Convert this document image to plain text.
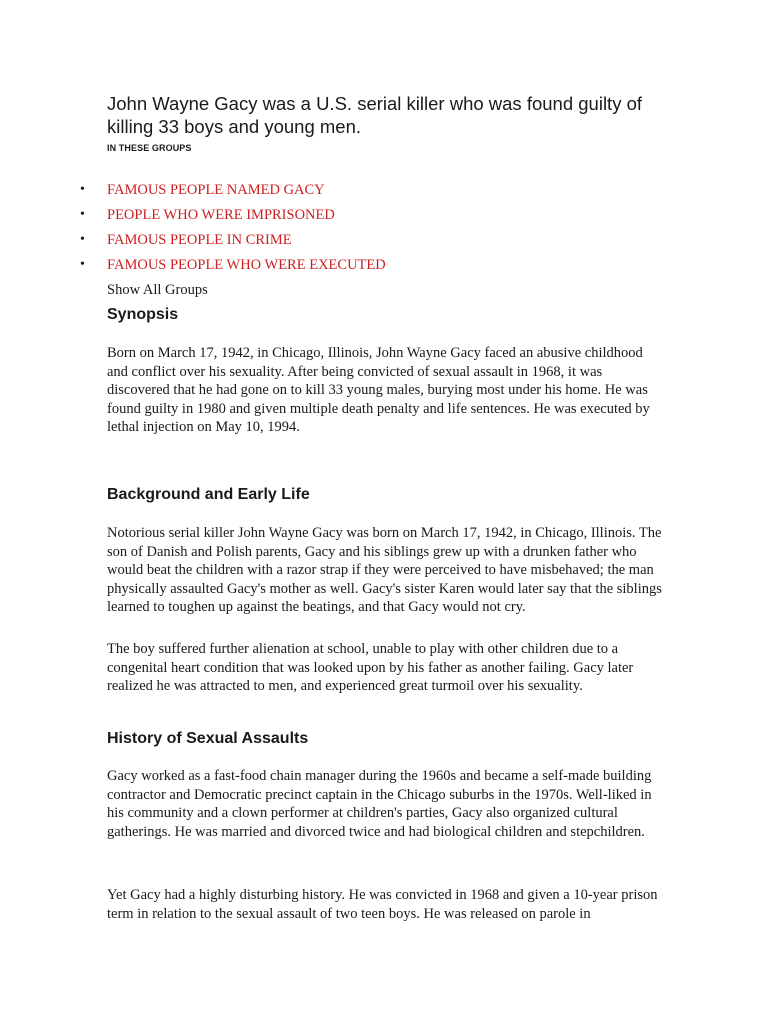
John Wayne Gacy was a U.S. serial killer who was found guilty of killing 33 boys and young men.
IN THESE GROUPS
• FAMOUS PEOPLE NAMED GACY
• PEOPLE WHO WERE IMPRISONED
• FAMOUS PEOPLE IN CRIME
• FAMOUS PEOPLE WHO WERE EXECUTED
Show All Groups
Synopsis

Born on March 17, 1942, in Chicago, Illinois, John Wayne Gacy faced an abusive childhood and conflict over his sexuality. After being convicted of sexual assault in 1968, it was discovered that he had gone on to kill 33 young males, burying most under his home. He was found guilty in 1980 and given multiple death penalty and life sentences. He was executed by lethal injection on May 10, 1994.

Background and Early Life

Notorious serial killer John Wayne Gacy was born on March 17, 1942, in Chicago, Illinois. The son of Danish and Polish parents, Gacy and his siblings grew up with a drunken father who would beat the children with a razor strap if they were perceived to have misbehaved; the man physically assaulted Gacy's mother as well. Gacy's sister Karen would later say that the siblings learned to toughen up against the beatings, and that Gacy would not cry.

The boy suffered further alienation at school, unable to play with other children due to a congenital heart condition that was looked upon by his father as another failing. Gacy later realized he was attracted to men, and experienced great turmoil over his sexuality.

History of Sexual Assaults

Gacy worked as a fast-food chain manager during the 1960s and became a self-made building contractor and Democratic precinct captain in the Chicago suburbs in the 1970s. Well-liked in his community and a clown performer at children's parties, Gacy also organized cultural gatherings. He was married and divorced twice and had biological children and stepchildren.

Yet Gacy had a highly disturbing history. He was convicted in 1968 and given a 10-year prison term in relation to the sexual assault of two teen boys. He was released on parole in
